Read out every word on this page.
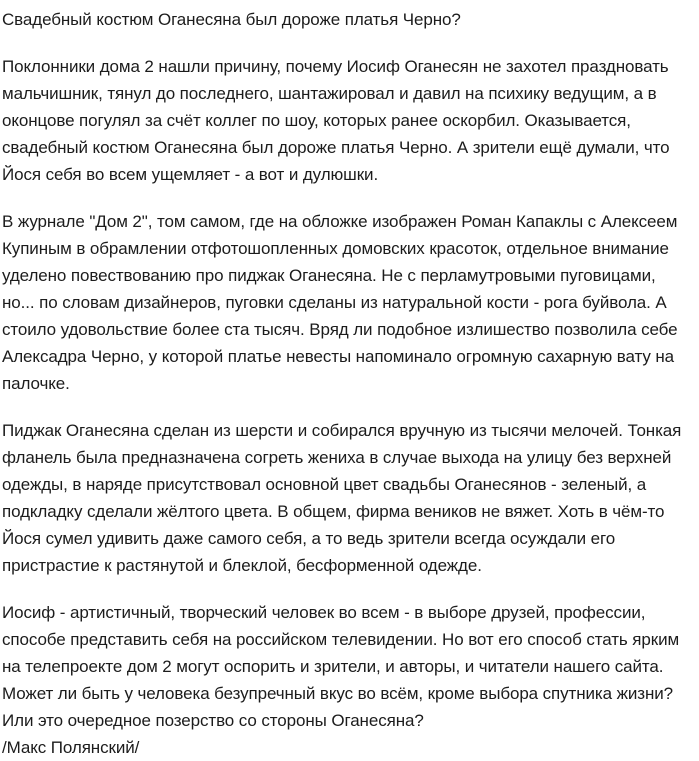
Свадебный костюм Оганесяна был дороже платья Черно?

Поклонники дома 2 нашли причину, почему Иосиф Оганесян не захотел праздновать мальчишник, тянул до последнего, шантажировал и давил на психику ведущим, а в оконцове погулял за счёт коллег по шоу, которых ранее оскорбил. Оказывается, свадебный костюм Оганесяна был дороже платья Черно. А зрители ещё думали, что Йося себя во всем ущемляет - а вот и дулюшки.

В журнале "Дом 2", том самом, где на обложке изображен Роман Капаклы с Алексеем Купиным в обрамлении отфотошопленных домовских красоток, отдельное внимание уделено повествованию про пиджак Оганесяна. Не с перламутровыми пуговицами, но... по словам дизайнеров, пуговки сделаны из натуральной кости - рога буйвола. А стоило удовольствие более ста тысяч. Вряд ли подобное излишество позволила себе Алексадра Черно, у которой платье невесты напоминало огромную сахарную вату на палочке.

Пиджак Оганесяна сделан из шерсти и собирался вручную из тысячи мелочей. Тонкая фланель была предназначена согреть жениха в случае выхода на улицу без верхней одежды, в наряде присутствовал основной цвет свадьбы Оганесянов - зеленый, а подкладку сделали жёлтого цвета. В общем, фирма веников не вяжет. Хоть в чём-то Йося сумел удивить даже самого себя, а то ведь зрители всегда осуждали его пристрастие к растянутой и блеклой, бесформенной одежде.

Иосиф - артистичный, творческий человек во всем - в выборе друзей, профессии, способе представить себя на российском телевидении. Но вот его способ стать ярким на телепроекте дом 2 могут оспорить и зрители, и авторы, и читатели нашего сайта. Может ли быть у человека безупречный вкус во всём, кроме выбора спутника жизни? Или это очередное позерство со стороны Оганесяна?

/Макс Полянский/
